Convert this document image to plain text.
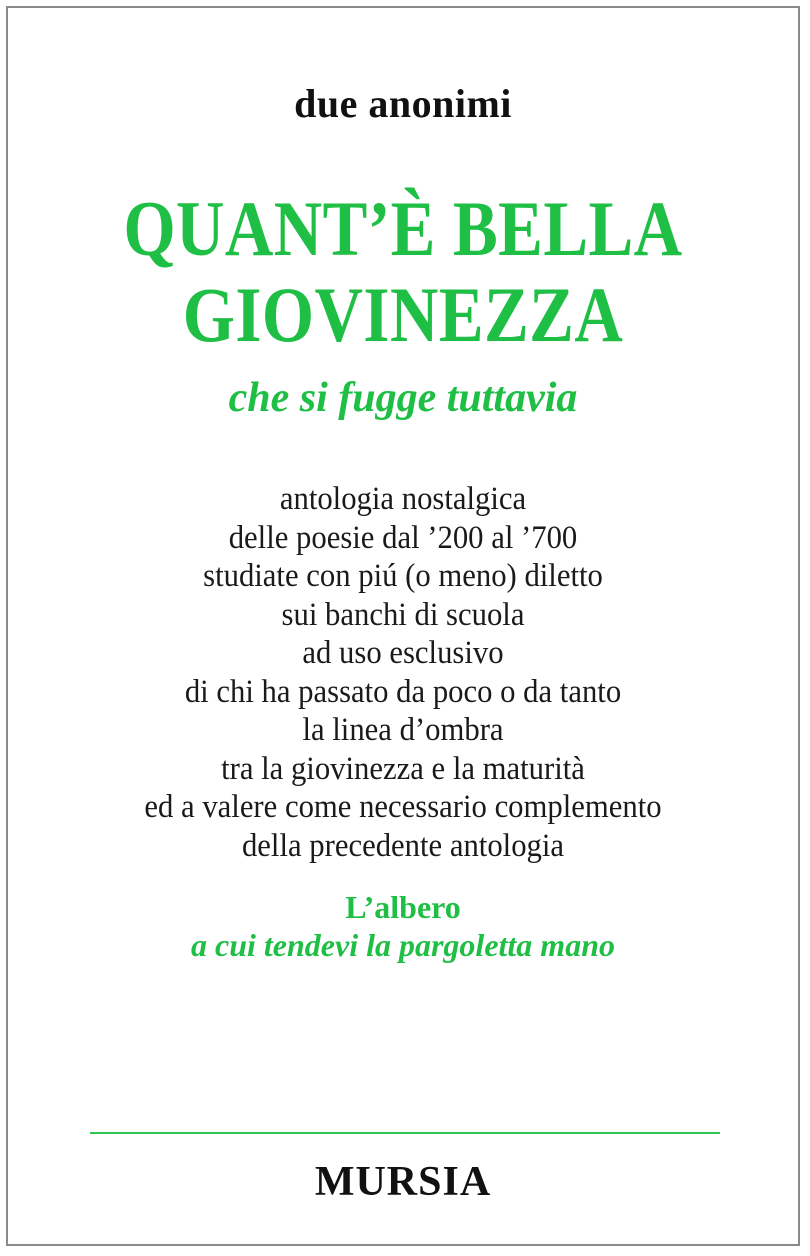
due anonimi

QUANT’È BELLA
GIOVINEZZA

che si fugge tuttavia

antologia nostalgica
delle poesie dal ’200 al ’700
studiate con piú (o meno) diletto
sui banchi di scuola
ad uso esclusivo
di chi ha passato da poco o da tanto
la linea d’ombra
tra la giovinezza e la maturità
ed a valere come necessario complemento
della precedente antologia

L’albero
a cui tendevi la pargoletta mano

MURSIA
